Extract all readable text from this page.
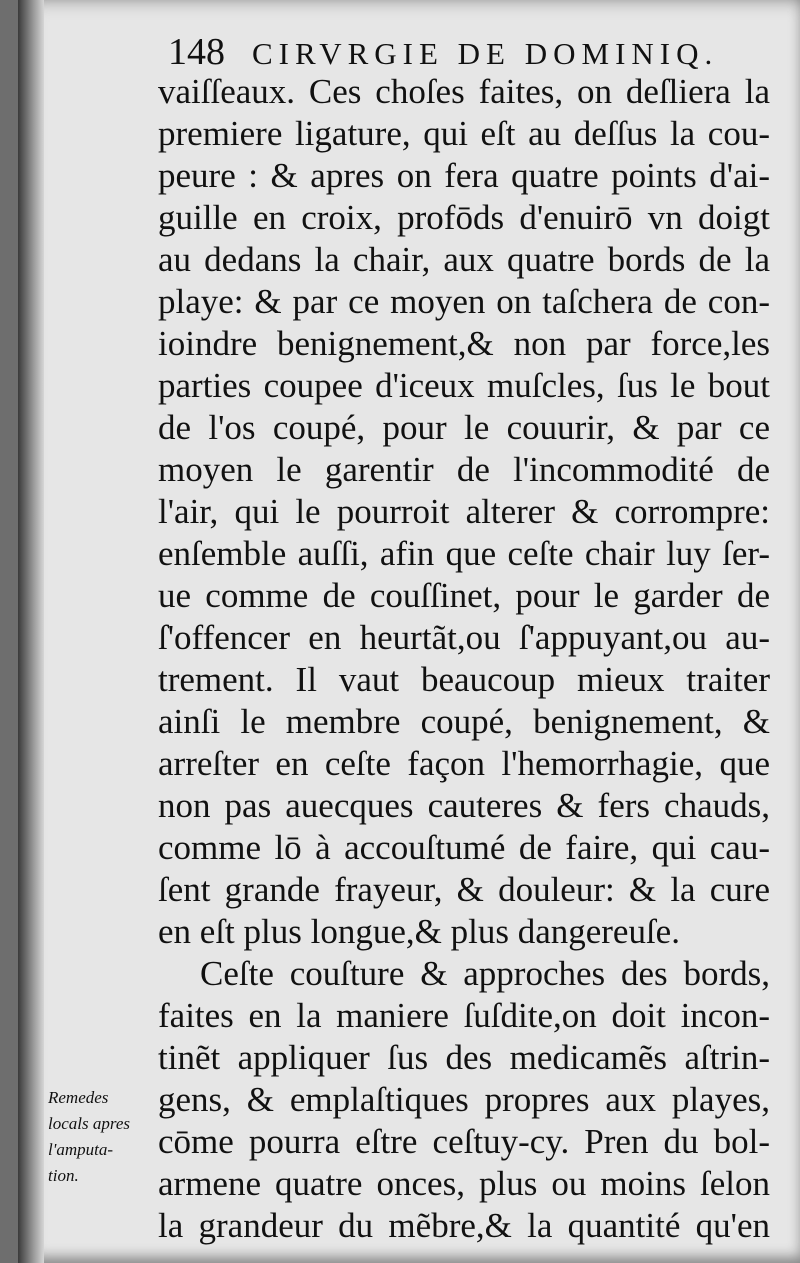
148 CIRVRGIE DE DOMINIQ.
vaiſſeaux. Ces choſes faites, on deſliera la
premiere ligature, qui eſt au deſſus la cou-
peure : & apres on fera quatre points d'ai-
guille en croix, profōds d'enuirō vn doigt
au dedans la chair, aux quatre bords de la
playe: & par ce moyen on taſchera de con-
ioindre benignement,& non par force,les
parties coupee d'iceux muſcles, ſus le bout
de l'os coupé, pour le couurir, & par ce
moyen le garentir de l'incommodité de
l'air, qui le pourroit alterer & corrompre:
enſemble auſſi, afin que ceſte chair luy ſer-
ue comme de couſſinet, pour le garder de
ſ'offencer en heurtãt,ou ſ'appuyant,ou au-
trement. Il vaut beaucoup mieux traiter
ainſi le membre coupé, benignement, &
arreſter en ceſte façon l'hemorrhagie, que
non pas auecques cauteres & fers chauds,
comme lō à accouſtumé de faire, qui cau-
ſent grande frayeur, & douleur: & la cure
en eſt plus longue,& plus dangereuſe.
Ceſte couſture & approches des bords,
faites en la maniere ſuſdite,on doit incon-
tinẽt appliquer ſus des medicamẽs aſtrin-
gens, & emplaſtiques propres aux playes,
cōme pourra eſtre ceſtuy-cy. Pren du bol-
armene quatre onces, plus ou moins ſelon
la grandeur du mẽbre,& la quantité qu'en
Remedes
locals apres
l'amputa-
tion.
